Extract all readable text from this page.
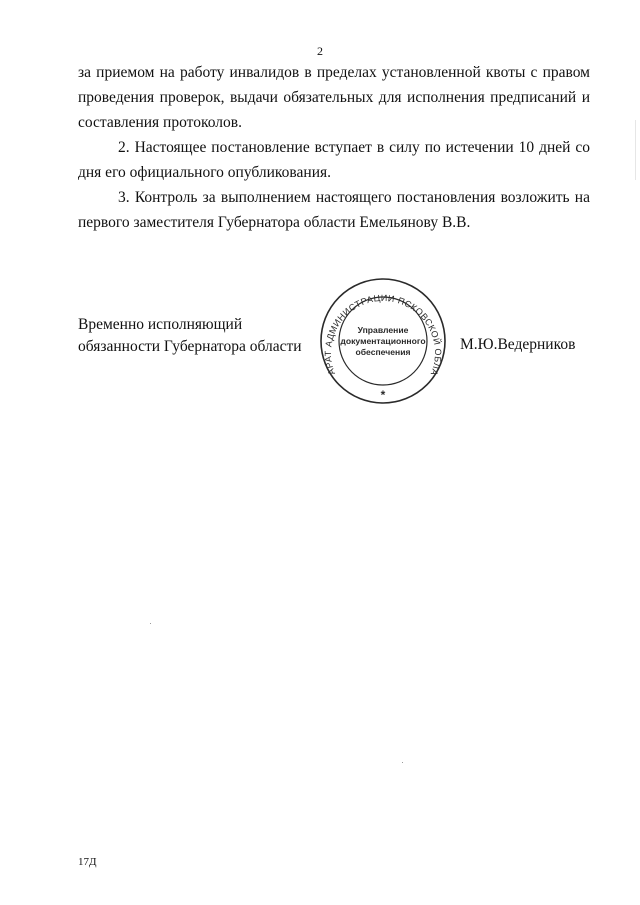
2

за приемом на работу инвалидов в пределах установленной квоты с правом проведения проверок, выдачи обязательных для исполнения предписаний и составления протоколов.

2. Настоящее постановление вступает в силу по истечении 10 дней со дня его официального опубликования.

3. Контроль за выполнением настоящего постановления возложить на первого заместителя Губернатора области Емельянову В.В.

Временно исполняющий
обязанности Губернатора области
АППАРАТ АДМИНИСТРАЦИИ ПСКОВСКОЙ ОБЛАСТИ
Управление
документационного
обеспечения
*
М.Ю.Ведерников
17Д
